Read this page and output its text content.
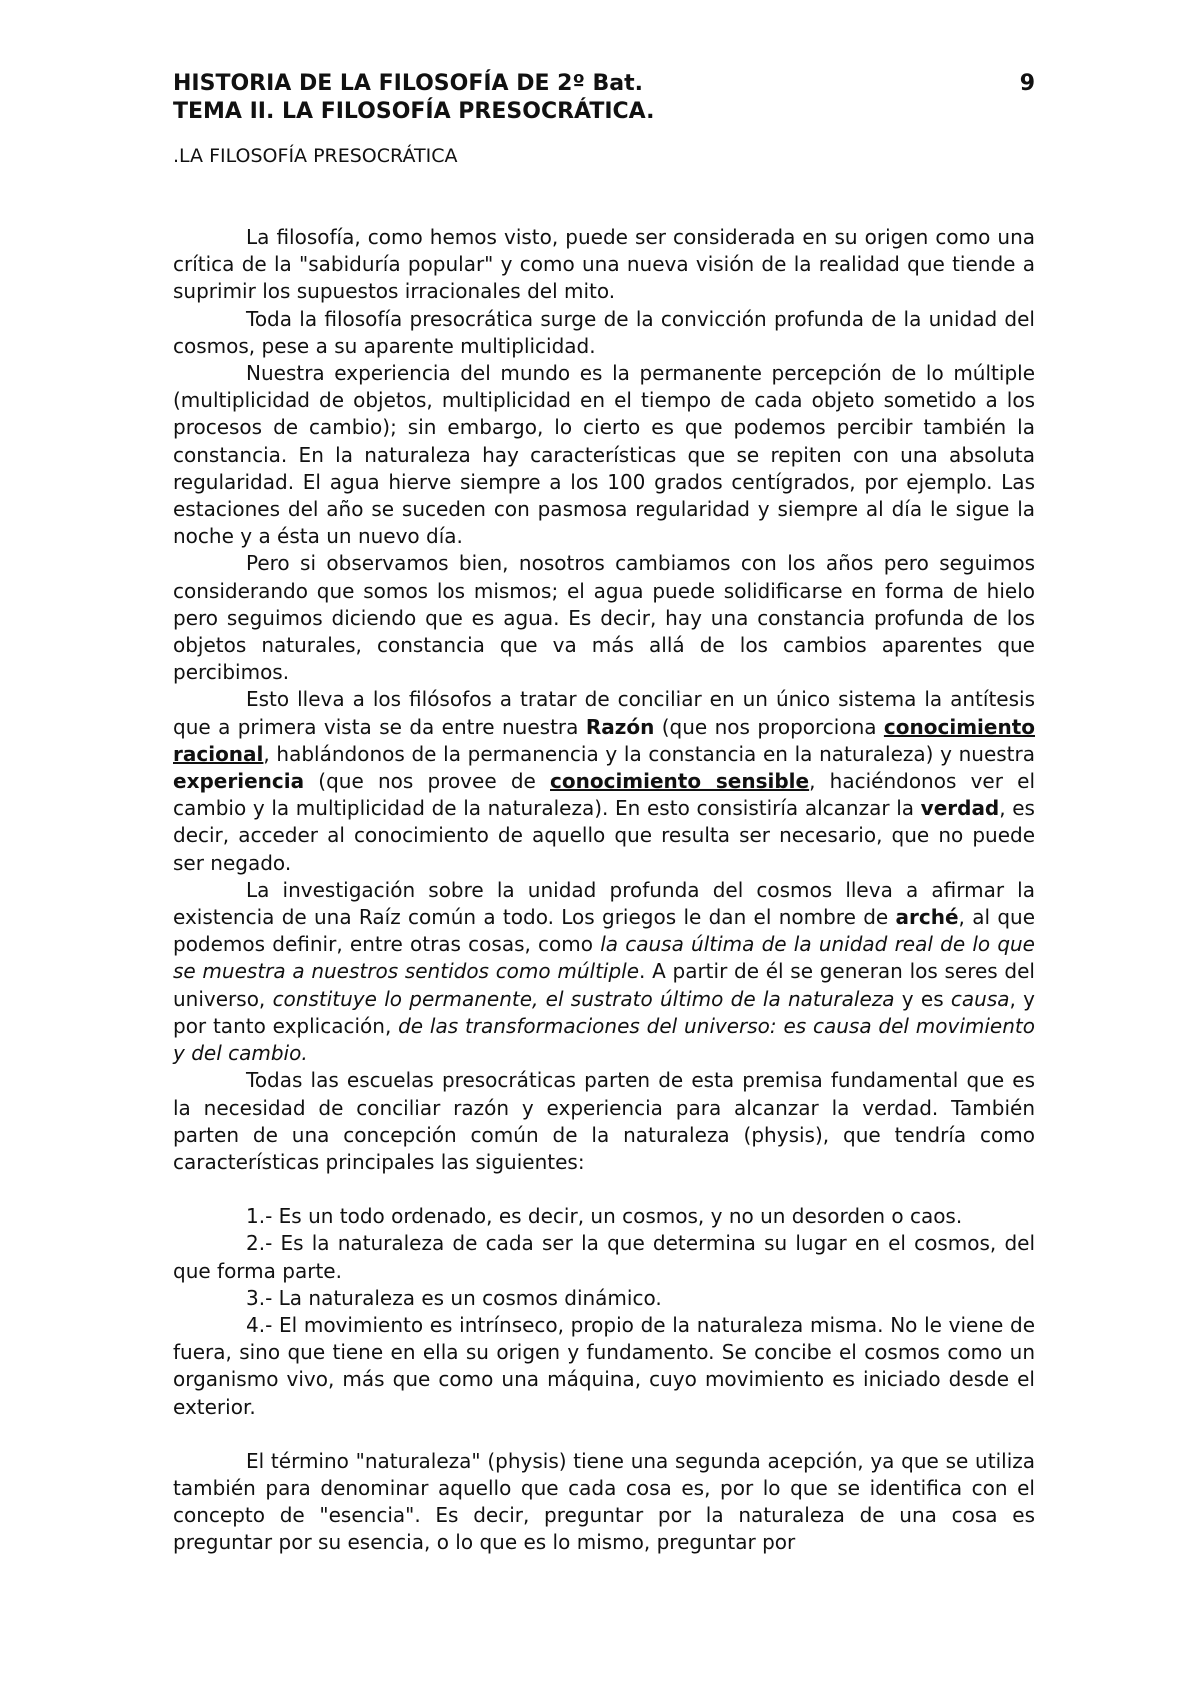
HISTORIA DE LA FILOSOFÍA DE 2º Bat.	9
TEMA II. LA FILOSOFÍA PRESOCRÁTICA.
.LA FILOSOFÍA PRESOCRÁTICA

La filosofía, como hemos visto, puede ser considerada en su origen como una crítica de la "sabiduría popular" y como una nueva visión de la realidad que tiende a suprimir los supuestos irracionales del mito.

Toda la filosofía presocrática surge de la convicción profunda de la unidad del cosmos, pese a su aparente multiplicidad.

Nuestra experiencia del mundo es la permanente percepción de lo múltiple (multiplicidad de objetos, multiplicidad en el tiempo de cada objeto sometido a los procesos de cambio); sin embargo, lo cierto es que podemos percibir también la constancia. En la naturaleza hay características que se repiten con una absoluta regularidad. El agua hierve siempre a los 100 grados centígrados, por ejemplo. Las estaciones del año se suceden con pasmosa regularidad y siempre al día le sigue la noche y a ésta un nuevo día.

Pero si observamos bien, nosotros cambiamos con los años pero seguimos considerando que somos los mismos; el agua puede solidificarse en forma de hielo pero seguimos diciendo que es agua. Es decir, hay una constancia profunda de los objetos naturales, constancia que va más allá de los cambios aparentes que percibimos.

Esto lleva a los filósofos a tratar de conciliar en un único sistema la antítesis que a primera vista se da entre nuestra Razón (que nos proporciona conocimiento racional, hablándonos de la permanencia y la constancia en la naturaleza) y nuestra experiencia (que nos provee de conocimiento sensible, haciéndonos ver el cambio y la multiplicidad de la naturaleza). En esto consistiría alcanzar la verdad, es decir, acceder al conocimiento de aquello que resulta ser necesario, que no puede ser negado.

La investigación sobre la unidad profunda del cosmos lleva a afirmar la existencia de una Raíz común a todo. Los griegos le dan el nombre de arché, al que podemos definir, entre otras cosas, como la causa última de la unidad real de lo que se muestra a nuestros sentidos como múltiple. A partir de él se generan los seres del universo, constituye lo permanente, el sustrato último de la naturaleza y es causa, y por tanto explicación, de las transformaciones del universo: es causa del movimiento y del cambio.

Todas las escuelas presocráticas parten de esta premisa fundamental que es la necesidad de conciliar razón y experiencia para alcanzar la verdad. También parten de una concepción común de la naturaleza (physis), que tendría como características principales las siguientes:

1.- Es un todo ordenado, es decir, un cosmos, y no un desorden o caos.

2.- Es la naturaleza de cada ser la que determina su lugar en el cosmos, del que forma parte.

3.- La naturaleza es un cosmos dinámico.

4.- El movimiento es intrínseco, propio de la naturaleza misma. No le viene de fuera, sino que tiene en ella su origen y fundamento. Se concibe el cosmos como un organismo vivo, más que como una máquina, cuyo movimiento es iniciado desde el exterior.

El término "naturaleza" (physis) tiene una segunda acepción, ya que se utiliza también para denominar aquello que cada cosa es, por lo que se identifica con el concepto de "esencia". Es decir, preguntar por la naturaleza de una cosa es preguntar por su esencia, o lo que es lo mismo, preguntar por
